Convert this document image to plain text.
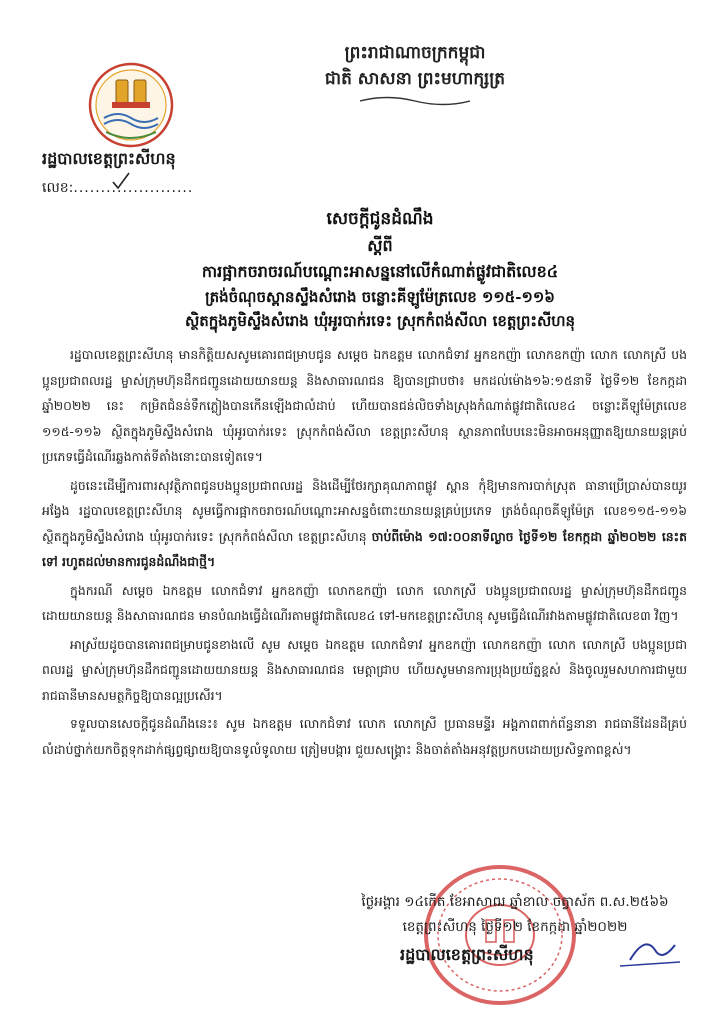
ព្រះរាជាណាចក្រកម្ពុជា
ជាតិ សាសនា ព្រះមហាក្សត្រ
រដ្ឋបាលខេត្តព្រះសីហនុ
លេខ:......................
សេចក្ដីជូនដំណឹង
ស្ដីពី
ការផ្អាកចរាចរណ៍បណ្ដោះអាសន្ននៅលើកំណាត់ផ្លូវជាតិលេខ៤
ត្រង់ចំណុចស្ពានស្ទឹងសំរោង ចន្លោះគីឡូម៉ែត្រលេខ ១១៥-១១៦
ស្ថិតក្នុងភូមិស្ទឹងសំរោង ឃុំអូរបាក់រទេះ ស្រុកកំពង់សីលា ខេត្តព្រះសីហនុ

រដ្ឋបាលខេត្តព្រះសីហនុ មានកិត្តិយសសូមគោរពជម្រាបជូន សម្ដេច ឯកឧត្ដម លោកជំទាវ អ្នកឧកញ៉ា លោកឧកញ៉ា លោក លោកស្រី បងប្អូនប្រជាពលរដ្ឋ ម្ចាស់ក្រុមហ៊ុនដឹកជញ្ជូនដោយយានយន្ត និងសាធារណជន ឱ្យបានជ្រាបថា៖ មកដល់ម៉ោង១៦:១៥នាទី ថ្ងៃទី១២ ខែកក្កដា ឆ្នាំ២០២២ នេះ កម្រិតជំនន់ទឹកភ្លៀងបានកើនឡើងជាលំដាប់ ហើយបានជន់លិចទាំងស្រុងកំណាត់ផ្លូវជាតិលេខ៤ ចន្លោះគីឡូម៉ែត្រលេខ ១១៥-១១៦ ស្ថិតក្នុងភូមិស្ទឹងសំរោង ឃុំអូរបាក់រទេះ ស្រុកកំពង់សីលា ខេត្តព្រះសីហនុ ស្ថានភាពបែបនេះមិនអាចអនុញ្ញាតឱ្យយានយន្តគ្រប់ប្រភេទធ្វើដំណើរឆ្លងកាត់ទីតាំងនោះបានទៀតទេ។

ដូចនេះដើម្បីការពារសុវត្ថិភាពជូនបងប្អូនប្រជាពលរដ្ឋ និងដើម្បីថែរក្សាគុណភាពផ្លូវ ស្ពាន កុំឱ្យមានការបាក់ស្រុត ធានាប្រើប្រាស់បានយូរអង្វែង រដ្ឋបាលខេត្តព្រះសីហនុ សូមធ្វើការផ្អាកចរាចរណ៍បណ្ដោះអាសន្នចំពោះយានយន្តគ្រប់ប្រភេទ ត្រង់ចំណុចគីឡូម៉ែត្រ លេខ១១៥-១១៦ ស្ថិតក្នុងភូមិស្ទឹងសំរោង ឃុំអូរបាក់រទេះ ស្រុកកំពង់សីលា ខេត្តព្រះសីហនុ ចាប់ពីម៉ោង ១៧:០០នាទីល្ងាច ថ្ងៃទី១២ ខែកក្កដា ឆ្នាំ២០២២ នេះតទៅ រហូតដល់មានការជូនដំណឹងជាថ្មី។

ក្នុងករណី សម្ដេច ឯកឧត្ដម លោកជំទាវ អ្នកឧកញ៉ា លោកឧកញ៉ា លោក លោកស្រី បងប្អូនប្រជាពលរដ្ឋ ម្ចាស់ក្រុមហ៊ុនដឹកជញ្ជូនដោយយានយន្ត និងសាធារណជន មានបំណងធ្វើដំណើរតាមផ្លូវជាតិលេខ៤ ទៅ-មកខេត្តព្រះសីហនុ សូមធ្វើដំណើរវាងតាមផ្លូវជាតិលេខ៣ វិញ។

អាស្រ័យដូចបានគោរពជម្រាបជូនខាងលើ សូម សម្ដេច ឯកឧត្ដម លោកជំទាវ អ្នកឧកញ៉ា លោកឧកញ៉ា លោក លោកស្រី បងប្អូនប្រជាពលរដ្ឋ ម្ចាស់ក្រុមហ៊ុនដឹកជញ្ជូនដោយយានយន្ត និងសាធារណជន មេត្តាជ្រាប ហើយសូមមានការប្រុងប្រយ័ត្នខ្ពស់ និងចូលរួមសហការជាមួយរាជធានីមានសមត្ថកិច្ចឱ្យបានល្អប្រសើរ។

ទទួលបានសេចក្ដីជូនដំណឹងនេះ៖ សូម ឯកឧត្ដម លោកជំទាវ លោក លោកស្រី ប្រធានមន្ទីរ អង្គភាពពាក់ព័ន្ធនានា រាជធានីដែនដីគ្រប់លំដាប់ថ្នាក់យកចិត្តទុកដាក់ផ្សព្វផ្សាយឱ្យបានទូលំទូលាយ ត្រៀមបង្ការ ជួយសង្គ្រោះ និងចាត់តាំងអនុវត្តប្រកបដោយប្រសិទ្ធភាពខ្ពស់។

ថ្ងៃអង្គារ ១៤កើត ខែអាសាឍ ឆ្នាំខាល ចត្វាស័ក ព.ស.២៥៦៦
ខេត្តព្រះសីហនុ ថ្ងៃទី១២ ខែកក្កដា ឆ្នាំ២០២២
រដ្ឋបាលខេត្តព្រះសីហនុ
